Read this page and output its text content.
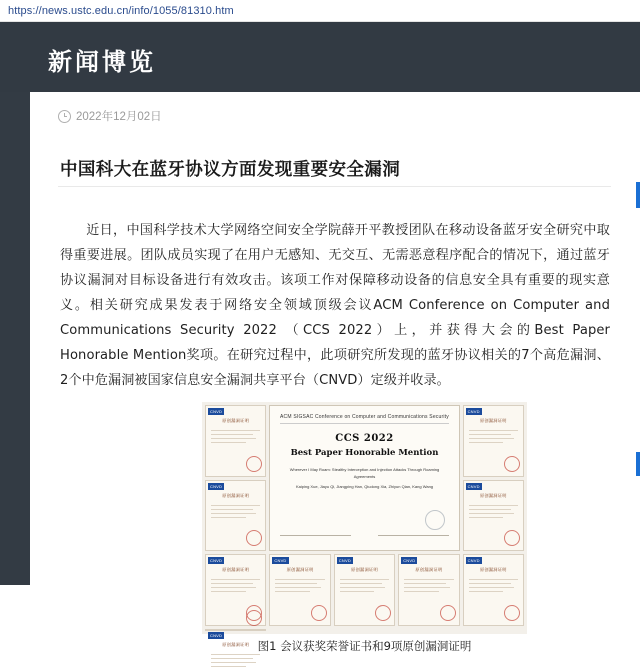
https://news.ustc.edu.cn/info/1055/81310.htm
新闻博览
2022年12月02日
中国科大在蓝牙协议方面发现重要安全漏洞

近日，中国科学技术大学网络空间安全学院薛开平教授团队在移动设备蓝牙安全研究中取得重要进展。团队成员实现了在用户无感知、无交互、无需恶意程序配合的情况下，通过蓝牙协议漏洞对目标设备进行有效攻击。该项工作对保障移动设备的信息安全具有重要的现实意义。相关研究成果发表于网络安全领域顶级会议ACM Conference on Computer and Communications Security 2022 （CCS 2022）上，并获得大会的Best Paper Honorable Mention奖项。在研究过程中，此项研究所发现的蓝牙协议相关的7个高危漏洞、2个中危漏洞被国家信息安全漏洞共享平台（CNVD）定级并收录。

CNVD
原创漏洞证明
ACM SIGSAC Conference on Computer and Communications Security
CCS 2022
Best Paper Honorable Mention
Wherever I May Roam: Stealthy Interception and Injection Attacks Through Roaming Agreements
Kaiping Xue, Jiayu Qi, Jiangping Han, Qiudong Xia, Zhiyun Qian, Kang Wang

CNVD
原创漏洞证明
CNVD
原创漏洞证明
CNVD
原创漏洞证明
CNVD
原创漏洞证明
CNVD
原创漏洞证明
CNVD
原创漏洞证明
CNVD
原创漏洞证明
CNVD
原创漏洞证明
CNVD
原创漏洞证明 图1 会议获奖荣誉证书和9项原创漏洞证明
